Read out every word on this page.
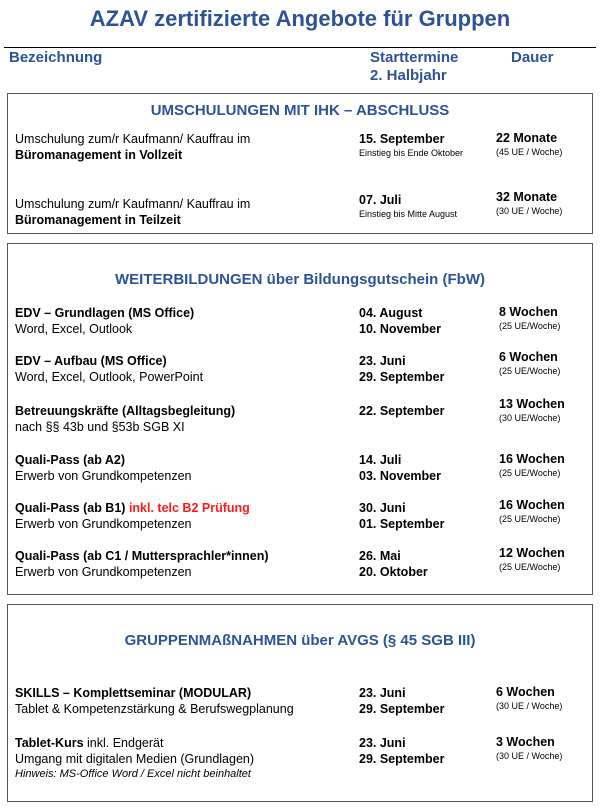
AZAV zertifizierte Angebote für Gruppen
Bezeichnung	Starttermine
2. Halbjahr
Dauer
UMSCHULUNGEN MIT IHK – ABSCHLUSS
Umschulung zum/r Kaufmann/ Kauffrau im
Büromanagement in Vollzeit
15. September
Einstieg bis Ende Oktober
22 Monate
(45 UE / Woche)
Umschulung zum/r Kaufmann/ Kauffrau im
Büromanagement in Teilzeit
07. Juli
Einstieg bis Mitte August
32 Monate
(30 UE / Woche)
WEITERBILDUNGEN über Bildungsgutschein (FbW)
EDV – Grundlagen (MS Office)
Word, Excel, Outlook
04. August
10. November
8 Wochen
(25 UE/Woche)
EDV – Aufbau (MS Office)
Word, Excel, Outlook, PowerPoint
23. Juni
29. September
6 Wochen
(25 UE/Woche)
Betreuungskräfte (Alltagsbegleitung)
nach §§ 43b und §53b SGB XI
22. September	13 Wochen
(30 UE/Woche)
Quali-Pass (ab A2)
Erwerb von Grundkompetenzen
14. Juli
03. November
16 Wochen
(25 UE/Woche)
Quali-Pass (ab B1) inkl. telc B2 Prüfung
Erwerb von Grundkompetenzen
30. Juni
01. September
16 Wochen
(25 UE/Woche)
Quali-Pass (ab C1 / Muttersprachler*innen)
Erwerb von Grundkompetenzen
26. Mai
20. Oktober
12 Wochen
(25 UE/Woche)
GRUPPENMAßNAHMEN über AVGS (§ 45 SGB III)
SKILLS – Komplettseminar (MODULAR)
Tablet & Kompetenzstärkung & Berufswegplanung
23. Juni
29. September
6 Wochen
(30 UE / Woche)
Tablet-Kurs inkl. Endgerät
Umgang mit digitalen Medien (Grundlagen)
Hinweis: MS-Office Word / Excel nicht beinhaltet
23. Juni
29. September
3 Wochen
(30 UE / Woche)
